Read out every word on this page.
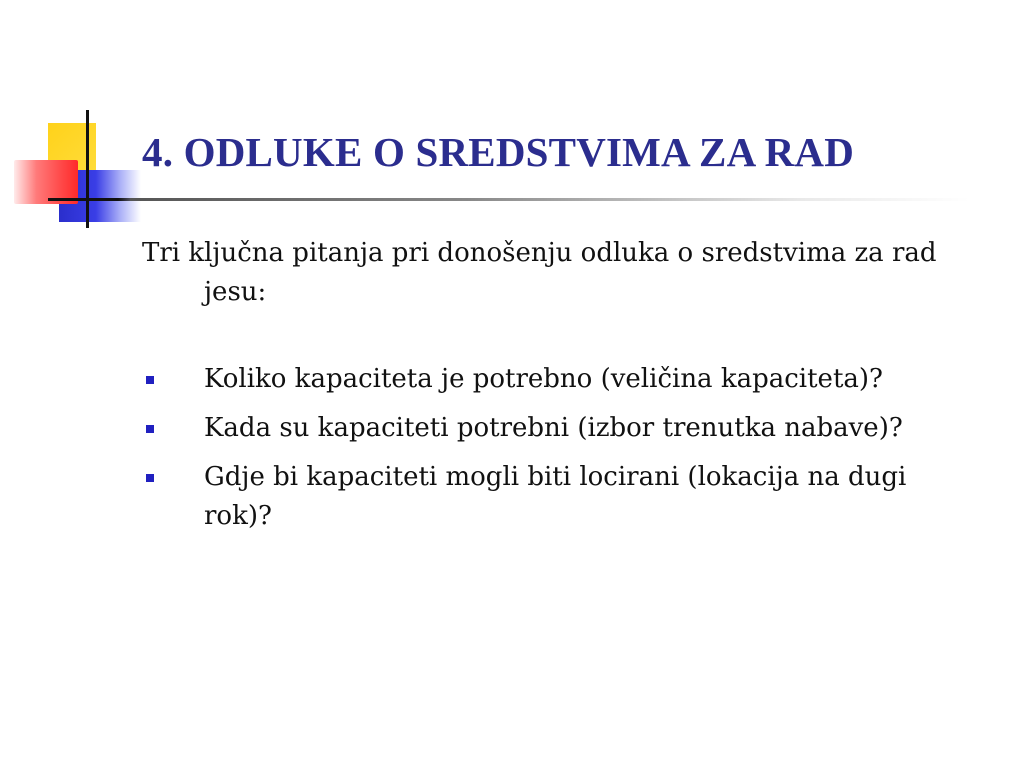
4. ODLUKE O SREDSTVIMA ZA RAD

Tri ključna pitanja pri donošenju odluka o sredstvima za rad jesu:

Koliko kapaciteta je potrebno (veličina kapaciteta)?
Kada su kapaciteti potrebni (izbor trenutka nabave)?
Gdje bi kapaciteti mogli biti locirani (lokacija na dugi rok)?
